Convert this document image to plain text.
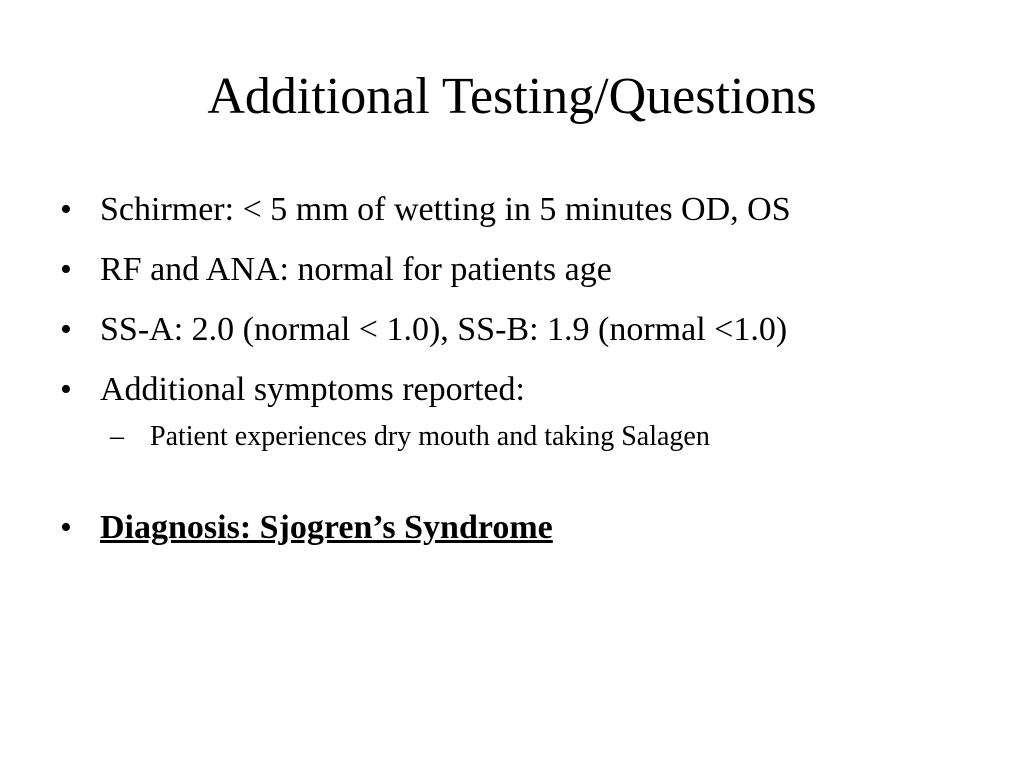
Additional Testing/Questions
• Schirmer: < 5 mm of wetting in 5 minutes OD, OS
• RF and ANA: normal for patients age
• SS-A: 2.0 (normal < 1.0), SS-B: 1.9 (normal <1.0)
• Additional symptoms reported:
– Patient experiences dry mouth and taking Salagen
• Diagnosis: Sjogren’s Syndrome
